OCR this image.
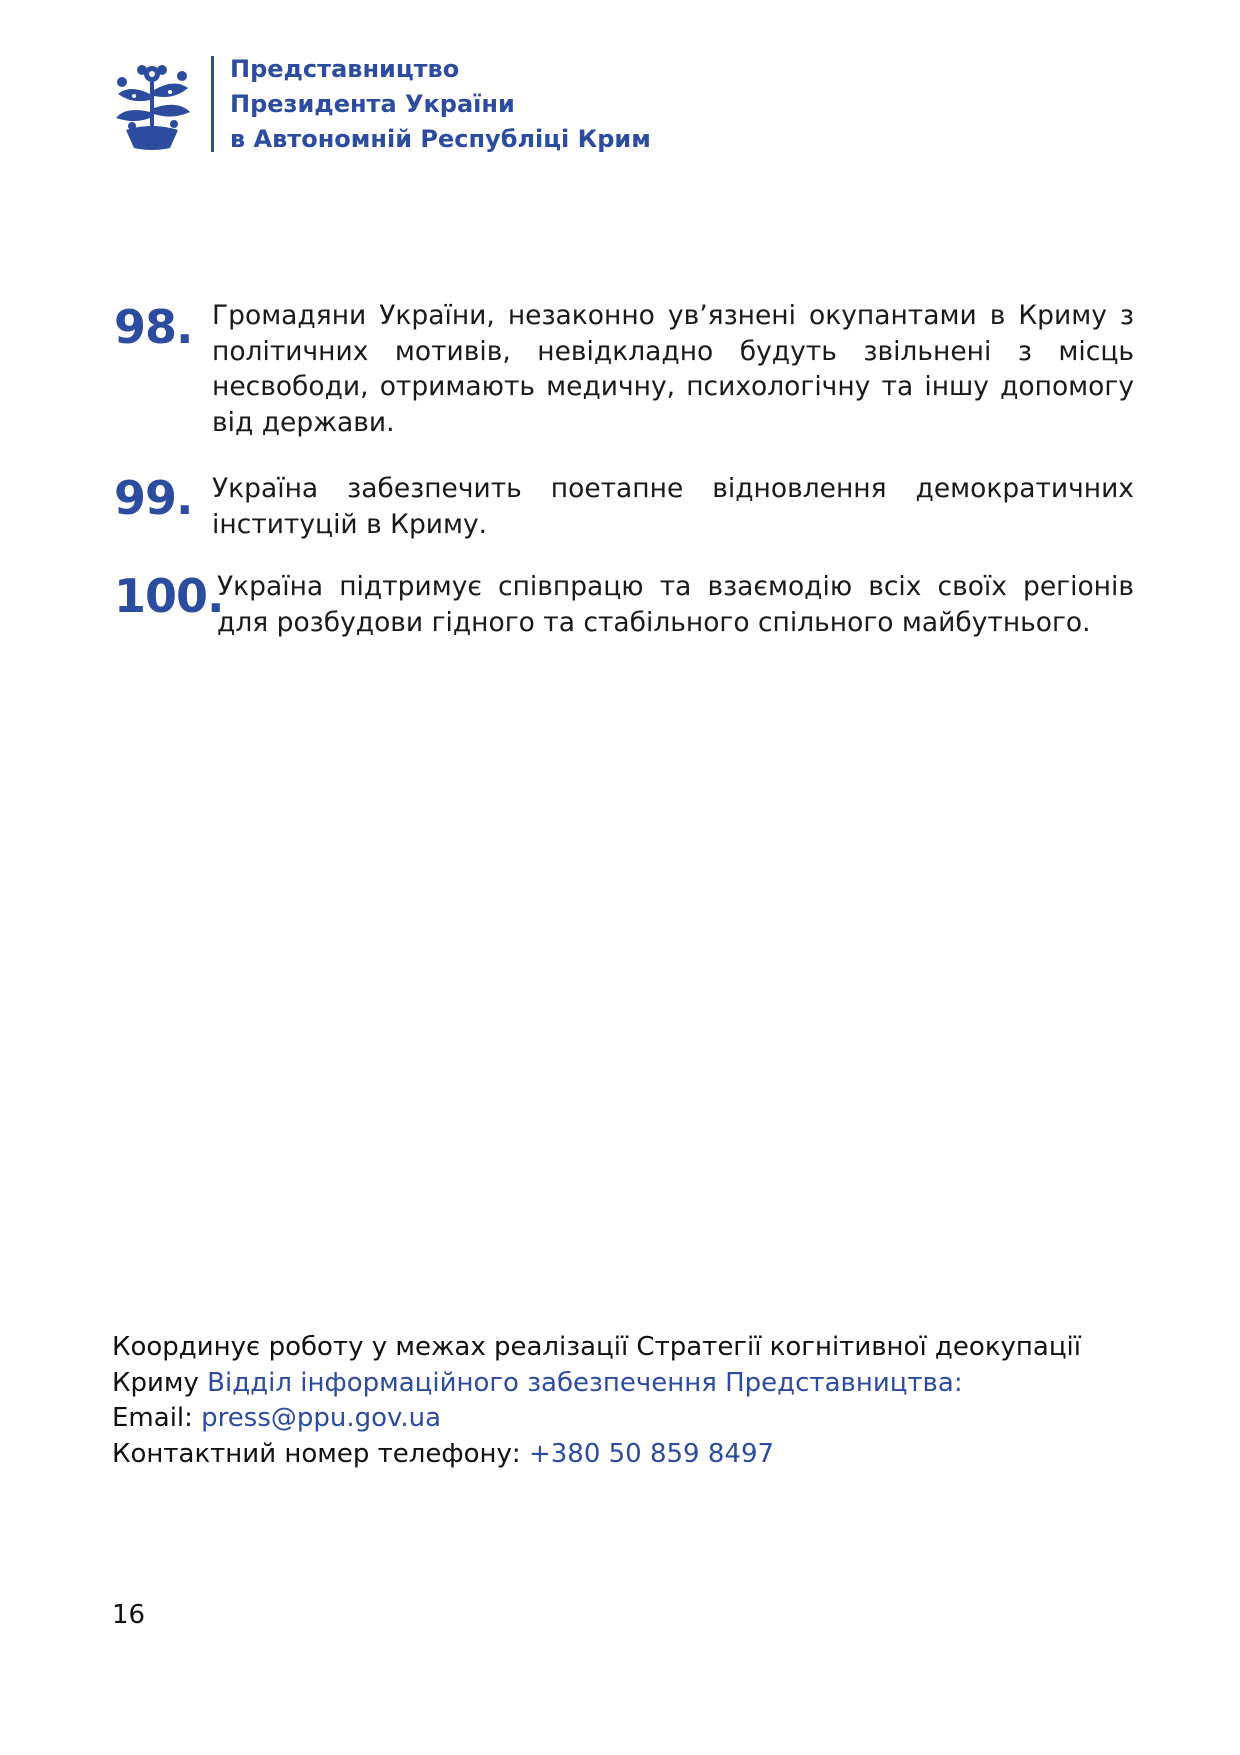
Представництво
Президента України
в Автономній Республіці Крим
98. Громадяни України, незаконно ув’язнені окупантами в Криму з політичних мотивів, невідкладно будуть звільнені з місць несвободи, отримають медичну, психологічну та іншу допомогу від держави.
99. Україна забезпечить поетапне відновлення демократичних інституцій в Криму.
100.
Україна підтримує співпрацю та взаємодію всіх своїх регіонів для розбудови гідного та стабільного спільного майбутнього.
Координує роботу у межах реалізації Стратегії когнітивної деокупації Криму Відділ інформаційного забезпечення Представництва:
Email: press@ppu.gov.ua
Контактний номер телефону: +380 50 859 8497
16
